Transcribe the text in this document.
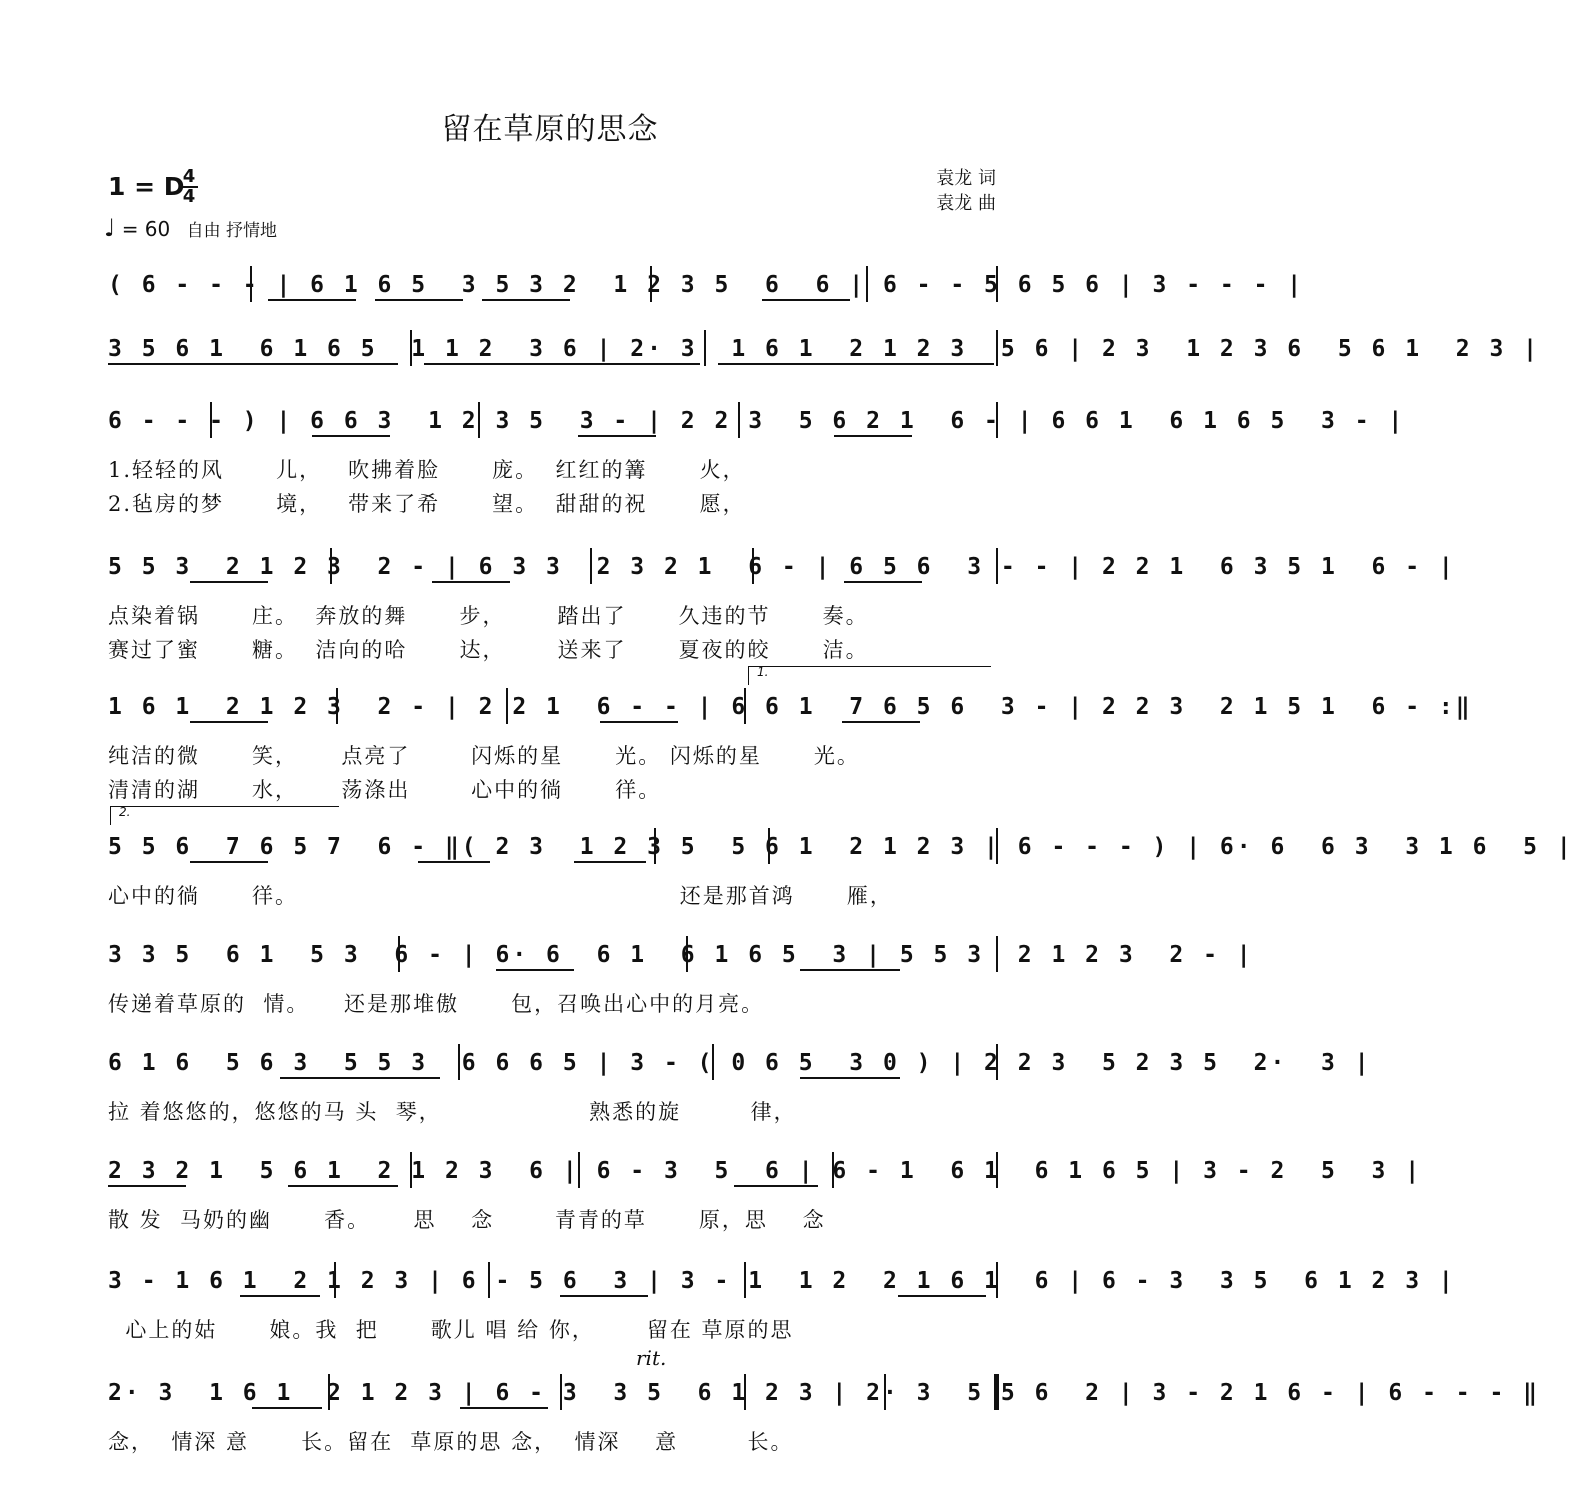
留在草原的思念
1 = D
4
4
袁龙 词
袁龙 曲
♩ = 60 自由 抒情地
( 6 - - - | 6 1 6 5  3 5 3 2  1 2 3 5  6  6 | 6 - - 5 6 5 6 | 3 - - - |
3 5 6 1  6 1 6 5  1 1 2  3 6 | 2· 3  1 6 1  2 1 2 3  5 6 | 2 3  1 2 3 6  5 6 1  2 3 |
6 - - - ) | 6 6 3  1 2 3 5  3 - | 2 2 3  5 6 2 1  6 - | 6 6 1  6 1 6 5  3 - |
1.轻轻的风      儿，   吹拂着脸      庞。  红红的篝      火，
2.毡房的梦      境，   带来了希      望。  甜甜的祝      愿，
5 5 3  2 1 2 3  2 - | 6 3 3  2 3 2 1  6 - | 6 5 6  3 - - | 2 2 1  6 3 5 1  6 - |
点染着锅      庄。  奔放的舞      步，      踏出了      久违的节      奏。
赛过了蜜      糖。  洁向的哈      达，      送来了      夏夜的皎      洁。
1.
1 6 1  2 1 2 3  2 - | 2 2 1  6 - - | 6 6 1  7 6 5 6  3 - | 2 2 3  2 1 5 1  6 - :‖
纯洁的微      笑，     点亮了       闪烁的星      光。 闪烁的星      光。
清清的湖      水，     荡涤出       心中的徜      徉。
2.
5 5 6  7 6 5 7  6 - ‖( 2 3  1 2 3 5  5 6 1  2 1 2 3 | 6 - - - ) | 6· 6  6 3  3 1 6  5 |
心中的徜      徉。                                            还是那首鸿      雁，
3 3 5  6 1  5 3  6 - | 6· 6  6 1  6 1 6 5  3 | 5 5 3  2 1 2 3  2 - |
传递着草原的  情。    还是那堆傲      包，召唤出心中的月亮。
6 1 6  5 6 3  5 5 3  6 6 6 5 | 3 - ( 0 6 5  3 0 ) | 2 2 3  5 2 3 5  2·  3 |
拉 着悠悠的，悠悠的马 头  琴，                 熟悉的旋        律，
2 3 2 1  5 6 1  2 1 2 3  6 | 6 - 3  5  6 | 6 - 1  6 1  6 1 6 5 | 3 - 2  5  3 |
散 发  马奶的幽      香。     思    念       青青的草      原，思    念
3 - 1 6 1  2 1 2 3 | 6 - 5 6  3 | 3 - 1  1 2  2 1 6 1  6 | 6 - 3  3 5  6 1 2 3 |
心上的姑      娘。我  把      歌儿 唱 给 你，      留在 草原的思
rit.
2· 3  1 6 1  2 1 2 3 | 6 - 3  3 5  6 1 2 3 | 2· 3  5 5 6  2 | 3 - 2 1 6 - | 6 - - - ‖
念，  情深 意      长。留在  草原的思 念，  情深    意        长。
